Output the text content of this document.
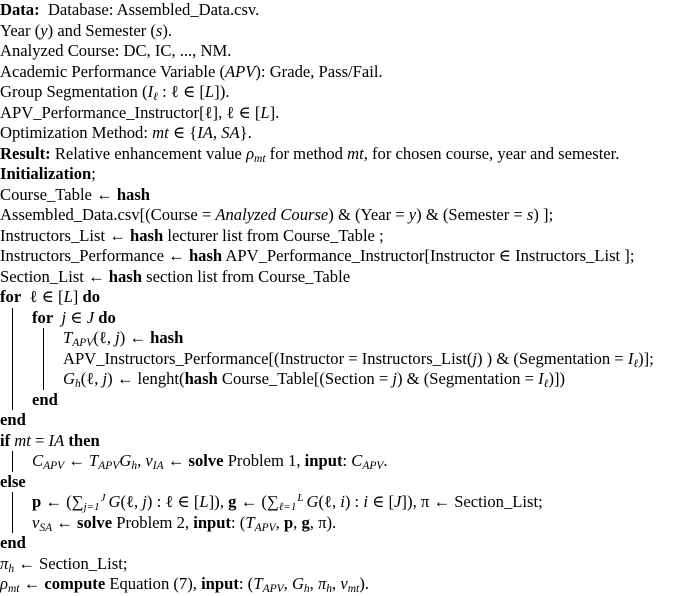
Data:  Database: Assembled_Data.csv.
Year (y) and Semester (s).
Analyzed Course: DC, IC, ..., NM.
Academic Performance Variable (APV): Grade, Pass/Fail.
Group Segmentation ($I_\ell$ : ℓ ∈ [L]).
APV_Performance_Instructor[ℓ], ℓ ∈ [L].
Optimization Method: mt ∈ {IA, SA}.
Result: Relative enhancement value $\rho_{mt}$ for method mt, for chosen course, year and semester.
Initialization;
Course_Table ← hash
Assembled_Data.csv[(Course = Analyzed Course) & (Year = y) & (Semester = s) ];
Instructors_List ← hash lecturer list from Course_Table ;
Instructors_Performance ← hash APV_Performance_Instructor[Instructor ∈ Instructors_List ];
Section_List ← hash section list from Course_Table
for  ℓ ∈ [L] do
for j ∈ J do
$T_{APV}(\ell$, j) ← hash
APV_Instructors_Performance[(Instructor = Instructors_List(j) ) & (Segmentation = $I_\ell$)];
$G_h(\ell$, j) ← lenght(hash Course_Table[(Section = j) & (Segmentation = $I_\ell$)])
end
end
if mt = IA then
$C_{APV}$ ← $T_{APV}G_h$, $v_{IA}$ ← solve Problem 1, input: $C_{APV}$.
else
p ← (∑j=1J G(ℓ, j) : ℓ ∈ [L]), g ← (∑ℓ=1L G(ℓ, i) : i ∈ [J]), π ← Section_List;
$v_{SA}$ ← solve Problem 2, input: ($T_{APV}$, p, g, π).
end
$\pi_h$ ← Section_List;
$\rho_{mt}$ ← compute Equation (7), input: ($T_{APV}$, $G_h$, $\pi_h$, $v_{mt}$).
